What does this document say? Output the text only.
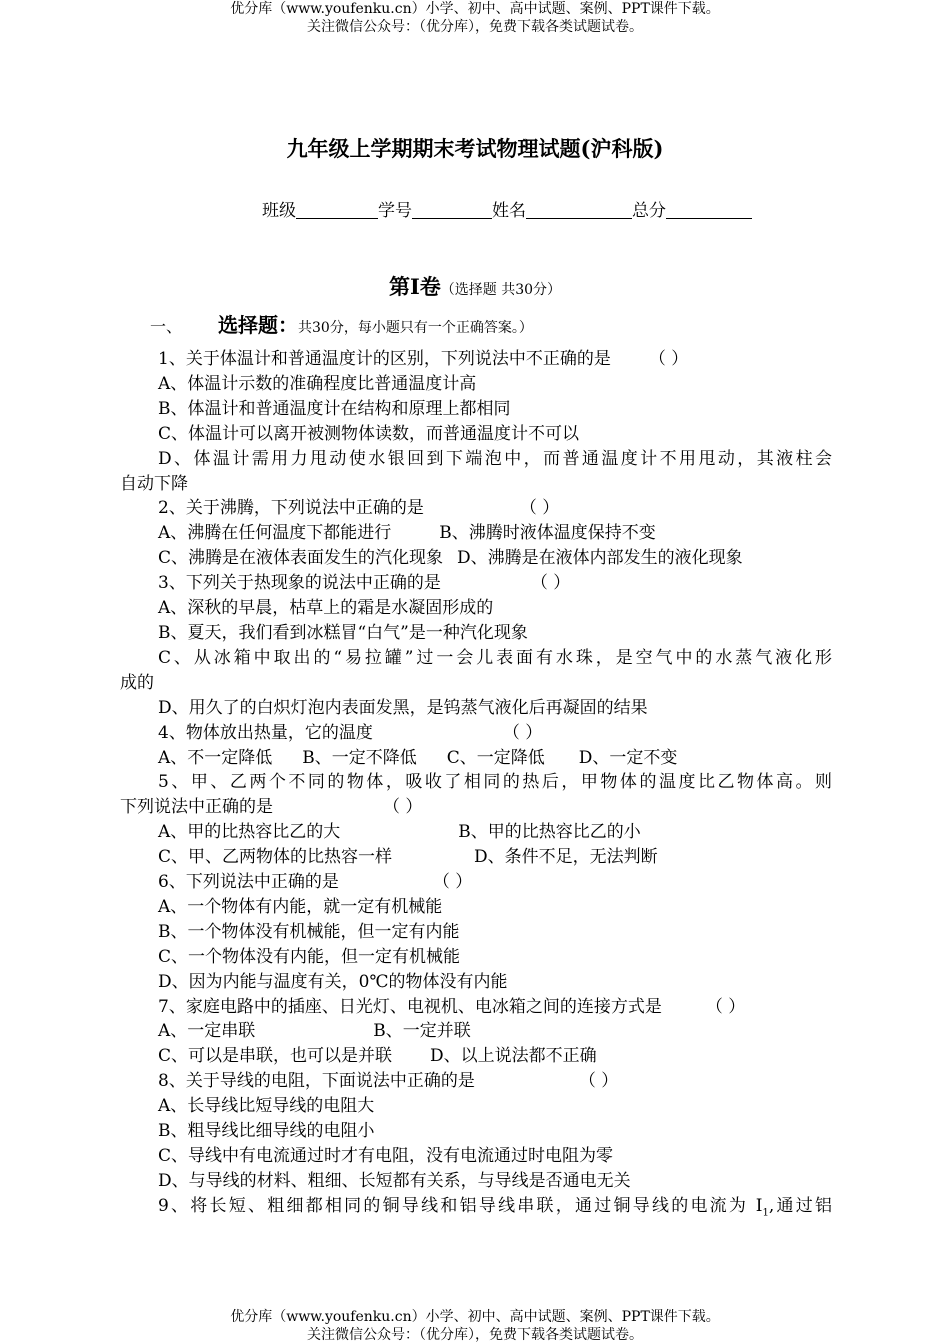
优分库（www.youfenku.cn）小学、初中、高中试题、案例、PPT课件下载。
关注微信公众号：（优分库），免费下载各类试题试卷。
九年级上学期期末考试物理试题(沪科版)
班级	学号	姓名	总分
第Ⅰ卷（选择题 共30分）
一、 选择题：共30分，每小题只有一个正确答案。）
1、关于体温计和普通温度计的区别，下列说法中不正确的是 （ ）
A、体温计示数的准确程度比普通温度计高
B、体温计和普通温度计在结构和原理上都相同
C、体温计可以离开被测物体读数，而普通温度计不可以
D、体温计需用力甩动使水银回到下端泡中，而普通温度计不用甩动，其液柱会
自动下降
2、关于沸腾，下列说法中正确的是	（ ）
A、沸腾在任何温度下都能进行	B、沸腾时液体温度保持不变
C、沸腾是在液体表面发生的汽化现象 D、沸腾是在液体内部发生的液化现象
3、下列关于热现象的说法中正确的是	（ ）
A、深秋的早晨，枯草上的霜是水凝固形成的
B、夏天，我们看到冰糕冒“白气”是一种汽化现象
C、从冰箱中取出的“易拉罐”过一会儿表面有水珠，是空气中的水蒸气液化形
成的
D、用久了的白炽灯泡内表面发黑，是钨蒸气液化后再凝固的结果
4、物体放出热量，它的温度	（ ）
A、不一定降低 B、一定不降低 C、一定降低 D、一定不变
5、甲、乙两个不同的物体，吸收了相同的热后，甲物体的温度比乙物体高。则
下列说法中正确的是	（ ）
A、甲的比热容比乙的大	B、甲的比热容比乙的小
C、甲、乙两物体的比热容一样	D、条件不足，无法判断
6、下列说法中正确的是	（ ）
A、一个物体有内能，就一定有机械能
B、一个物体没有机械能，但一定有内能
C、一个物体没有内能，但一定有机械能
D、因为内能与温度有关，0℃的物体没有内能
7、家庭电路中的插座、日光灯、电视机、电冰箱之间的连接方式是	（ ）
A、一定串联	B、一定并联
C、可以是串联，也可以是并联 D、以上说法都不正确
8、关于导线的电阻，下面说法中正确的是	（ ）
A、长导线比短导线的电阻大
B、粗导线比细导线的电阻小
C、导线中有电流通过时才有电阻，没有电流通过时电阻为零
D、与导线的材料、粗细、长短都有关系，与导线是否通电无关
9、将长短、粗细都相同的铜导线和铝导线串联，通过铜导线的电流为 $I_1$,通过铝
优分库（www.youfenku.cn）小学、初中、高中试题、案例、PPT课件下载。
关注微信公众号：（优分库），免费下载各类试题试卷。
